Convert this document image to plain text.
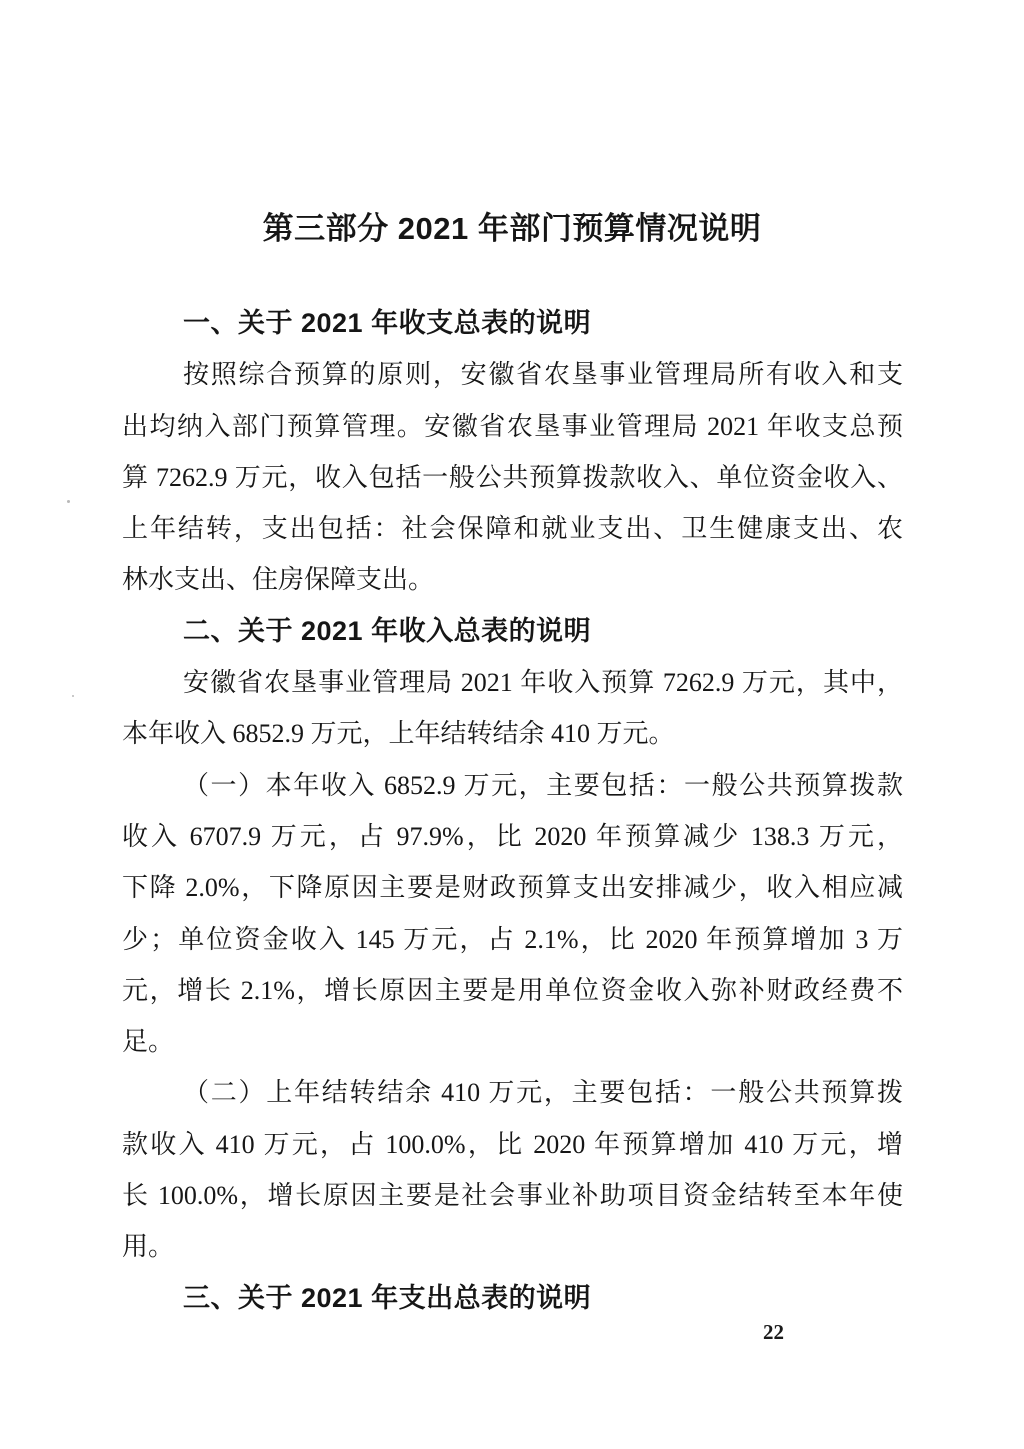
第三部分 2021 年部门预算情况说明
一、关于 2021 年收支总表的说明
按照综合预算的原则，安徽省农垦事业管理局所有收入和支
出均纳入部门预算管理。安徽省农垦事业管理局 2021 年收支总预
算 7262.9 万元，收入包括一般公共预算拨款收入、单位资金收入、
上年结转，支出包括：社会保障和就业支出、卫生健康支出、农
林水支出、住房保障支出。
二、关于 2021 年收入总表的说明
安徽省农垦事业管理局 2021 年收入预算 7262.9 万元，其中，
本年收入 6852.9 万元，上年结转结余 410 万元。
（一）本年收入 6852.9 万元，主要包括：一般公共预算拨款
收入 6707.9 万元，占 97.9%，比 2020 年预算减少 138.3 万元，
下降 2.0%，下降原因主要是财政预算支出安排减少，收入相应减
少；单位资金收入 145 万元，占 2.1%，比 2020 年预算增加 3 万
元，增长 2.1%，增长原因主要是用单位资金收入弥补财政经费不
足。
（二）上年结转结余 410 万元，主要包括：一般公共预算拨
款收入 410 万元，占 100.0%，比 2020 年预算增加 410 万元，增
长 100.0%，增长原因主要是社会事业补助项目资金结转至本年使
用。
三、关于 2021 年支出总表的说明
22
